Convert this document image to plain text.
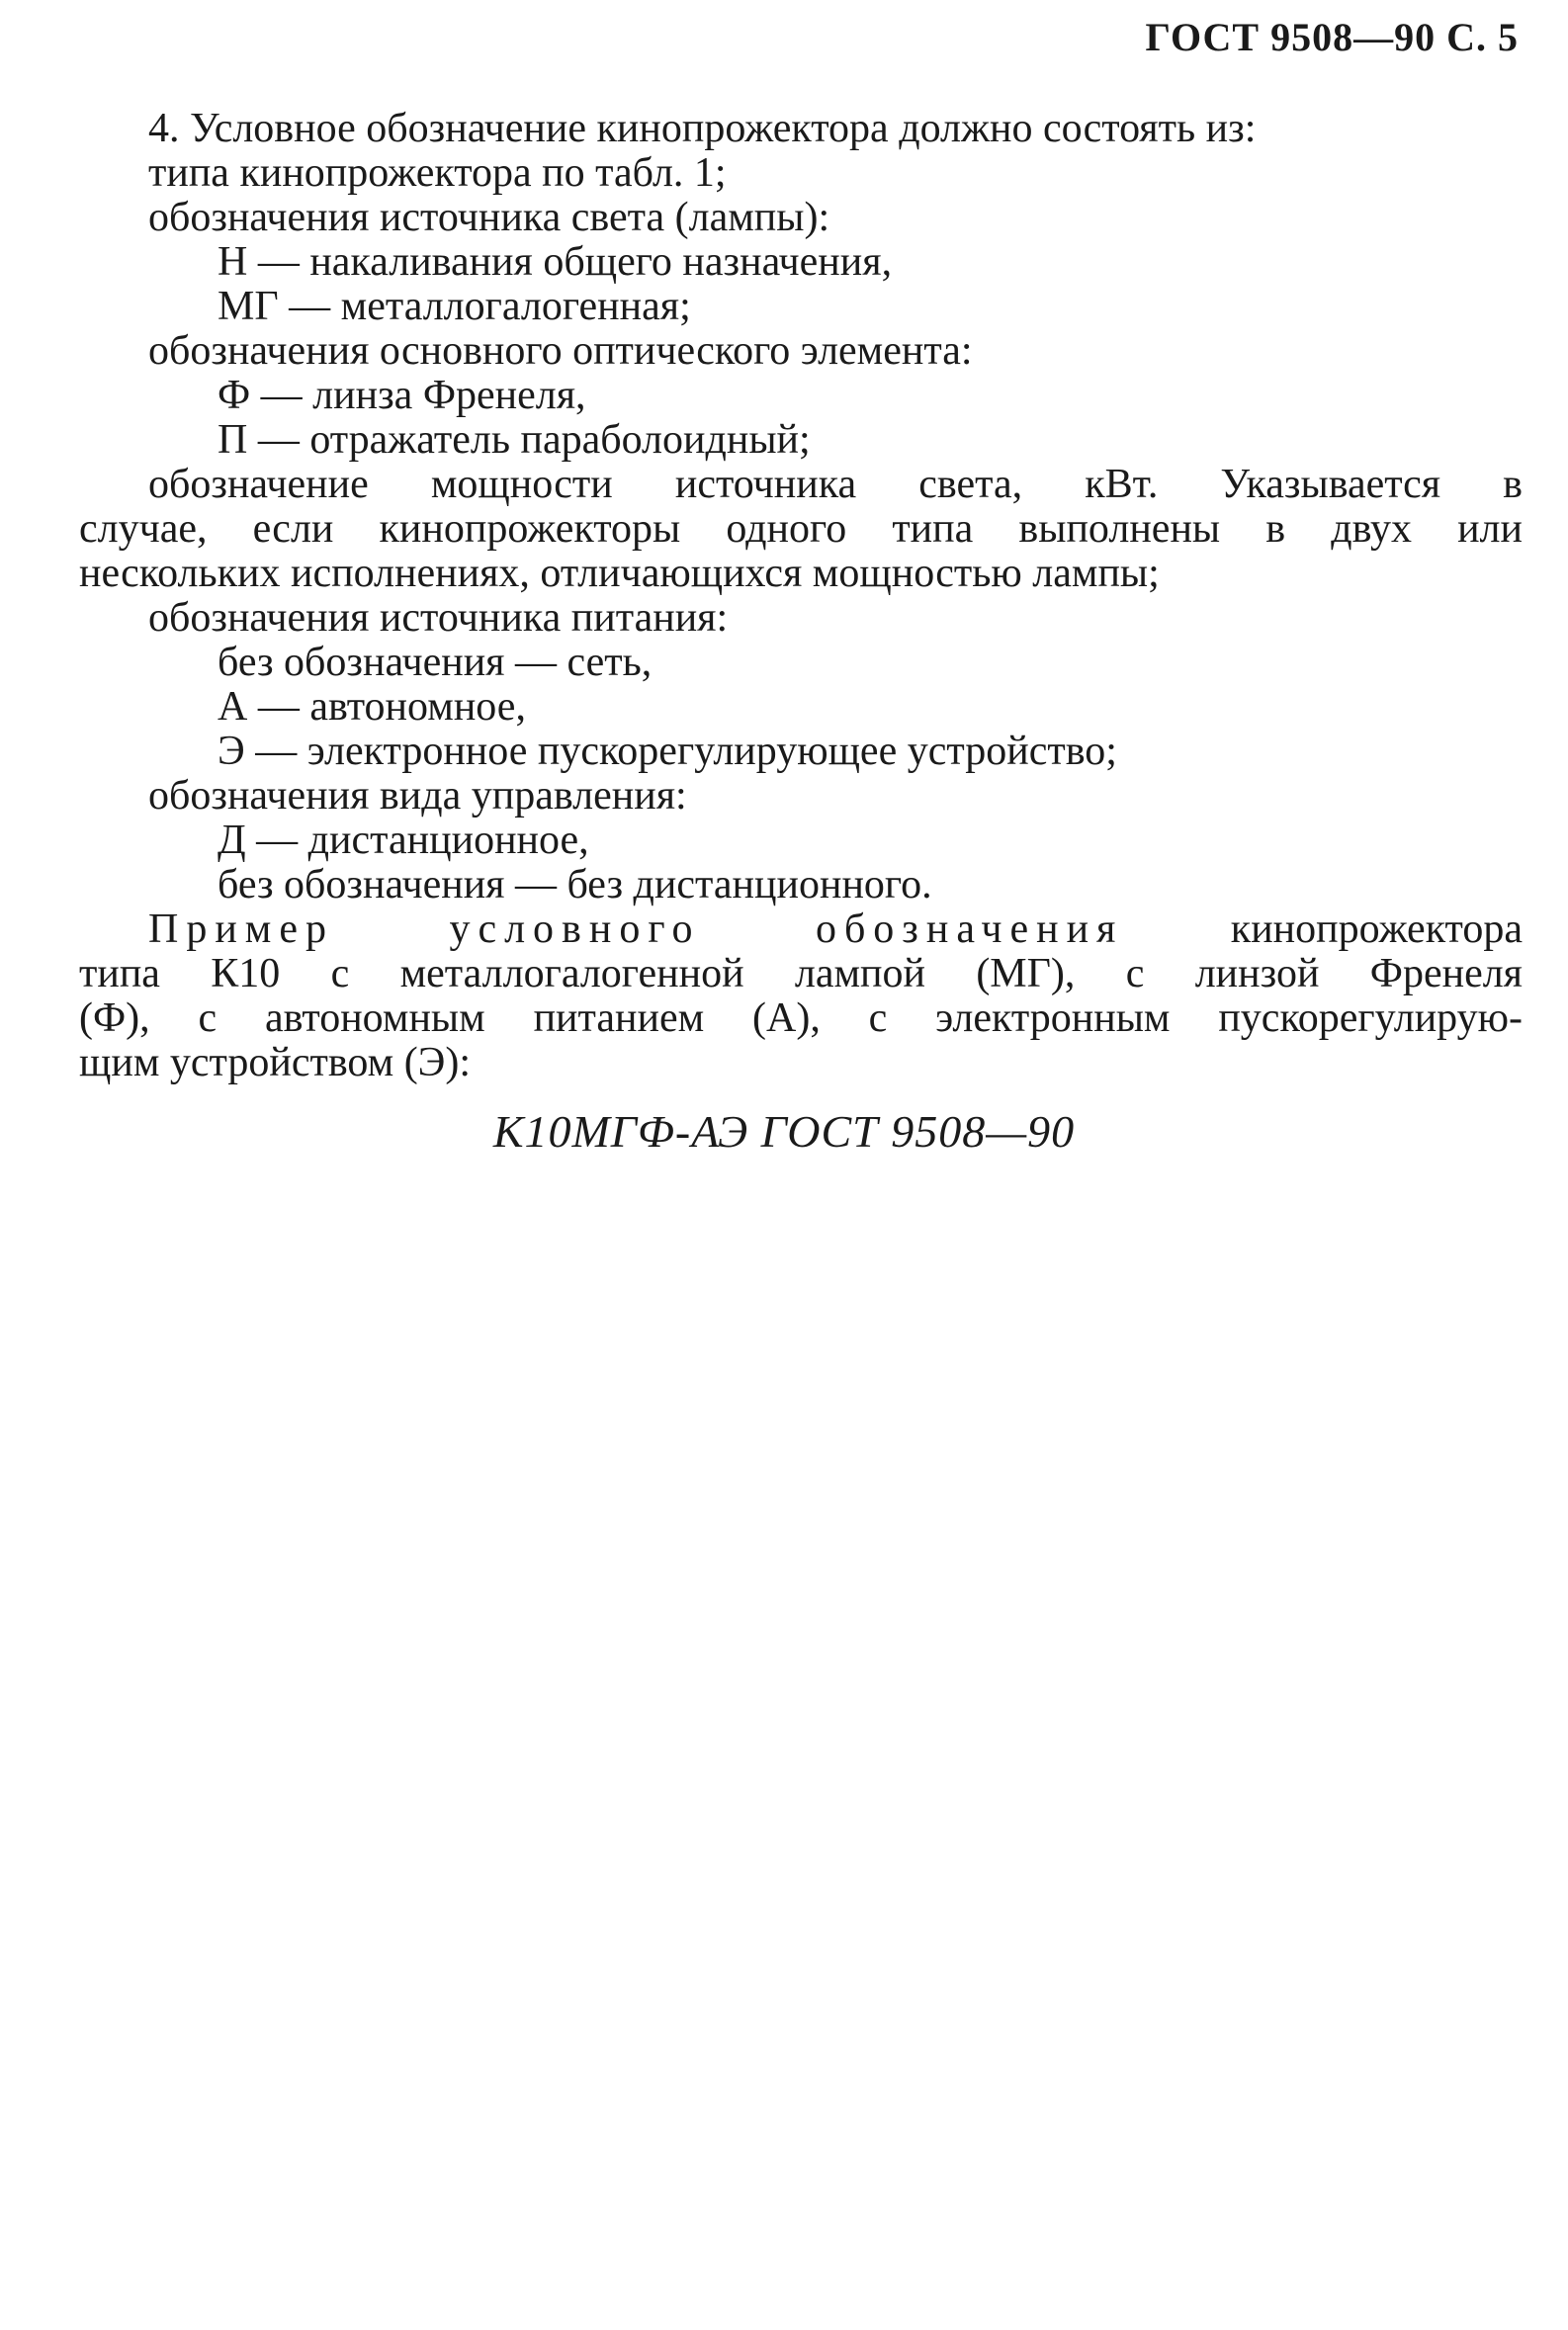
ГОСТ 9508—90 С. 5
4. Условное обозначение кинопрожектора должно состоять из:
типа кинопрожектора по табл. 1;
обозначения источника света (лампы):
Н — накаливания общего назначения,
МГ — металлогалогенная;
обозначения основного оптического элемента:
Ф — линза Френеля,
П — отражатель параболоидный;
обозначение мощности источника света, кВт. Указывается в
случае, если кинопрожекторы одного типа выполнены в двух или
нескольких исполнениях, отличающихся мощностью лампы;
обозначения источника питания:
без обозначения — сеть,
А — автономное,
Э — электронное пускорегулирующее устройство;
обозначения вида управления:
Д — дистанционное,
без обозначения — без дистанционного.
Пример условного обозначения	кинопрожектора
типа К10 с металлогалогенной лампой (МГ), с линзой Френеля
(Ф), с автономным питанием (А), с электронным пускорегулирую-
щим устройством (Э):
К10МГФ-АЭ ГОСТ 9508—90
